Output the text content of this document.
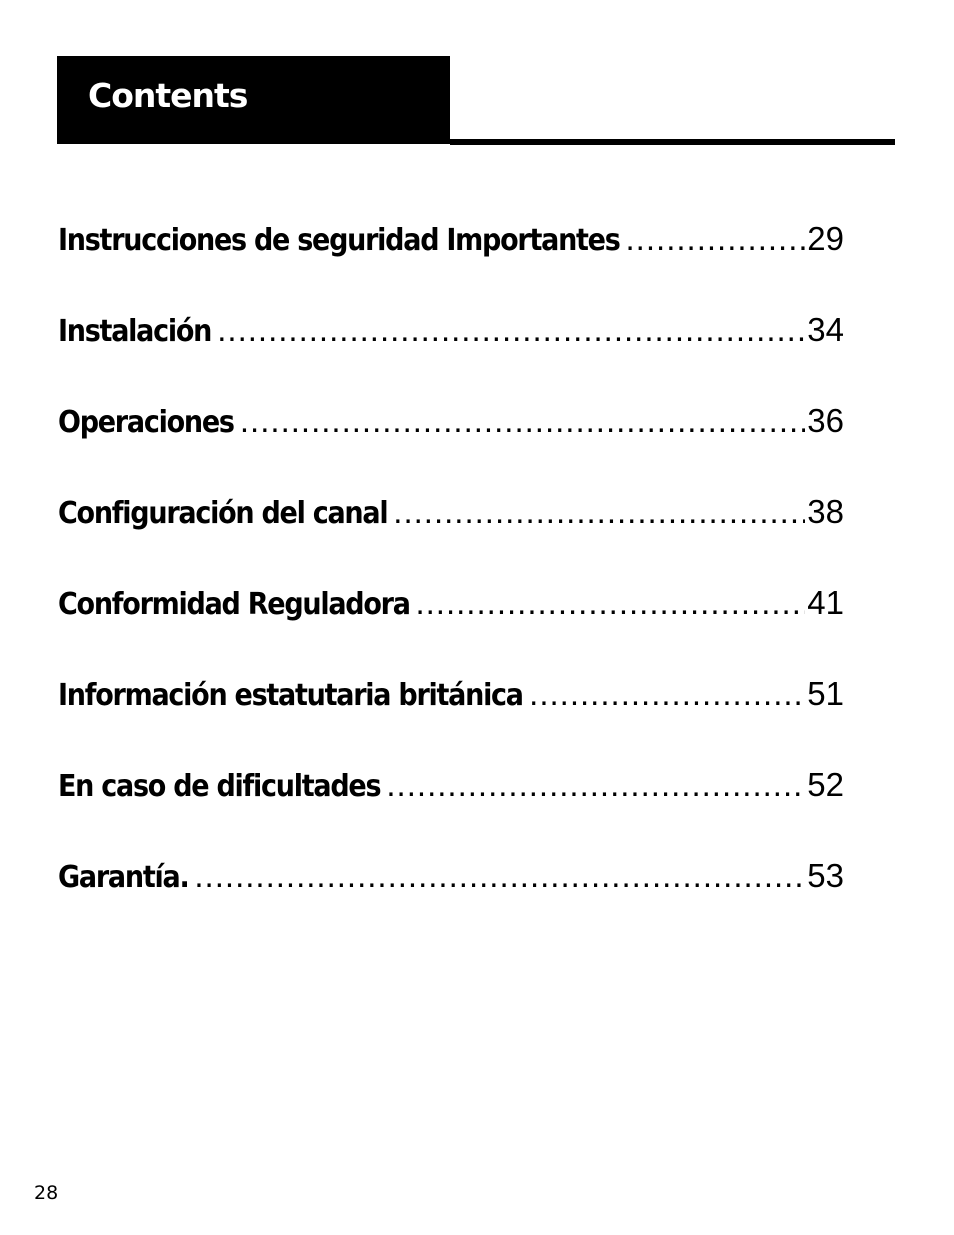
Contents
Instrucciones de seguridad Importantes .....	29
Instalación .....	34
Operaciones .....	36
Configuración del canal .....	38
Conformidad Reguladora .....	41
Información estatutaria británica .....	51
En caso de dificultades .....	52
Garantía. .....	53
28
